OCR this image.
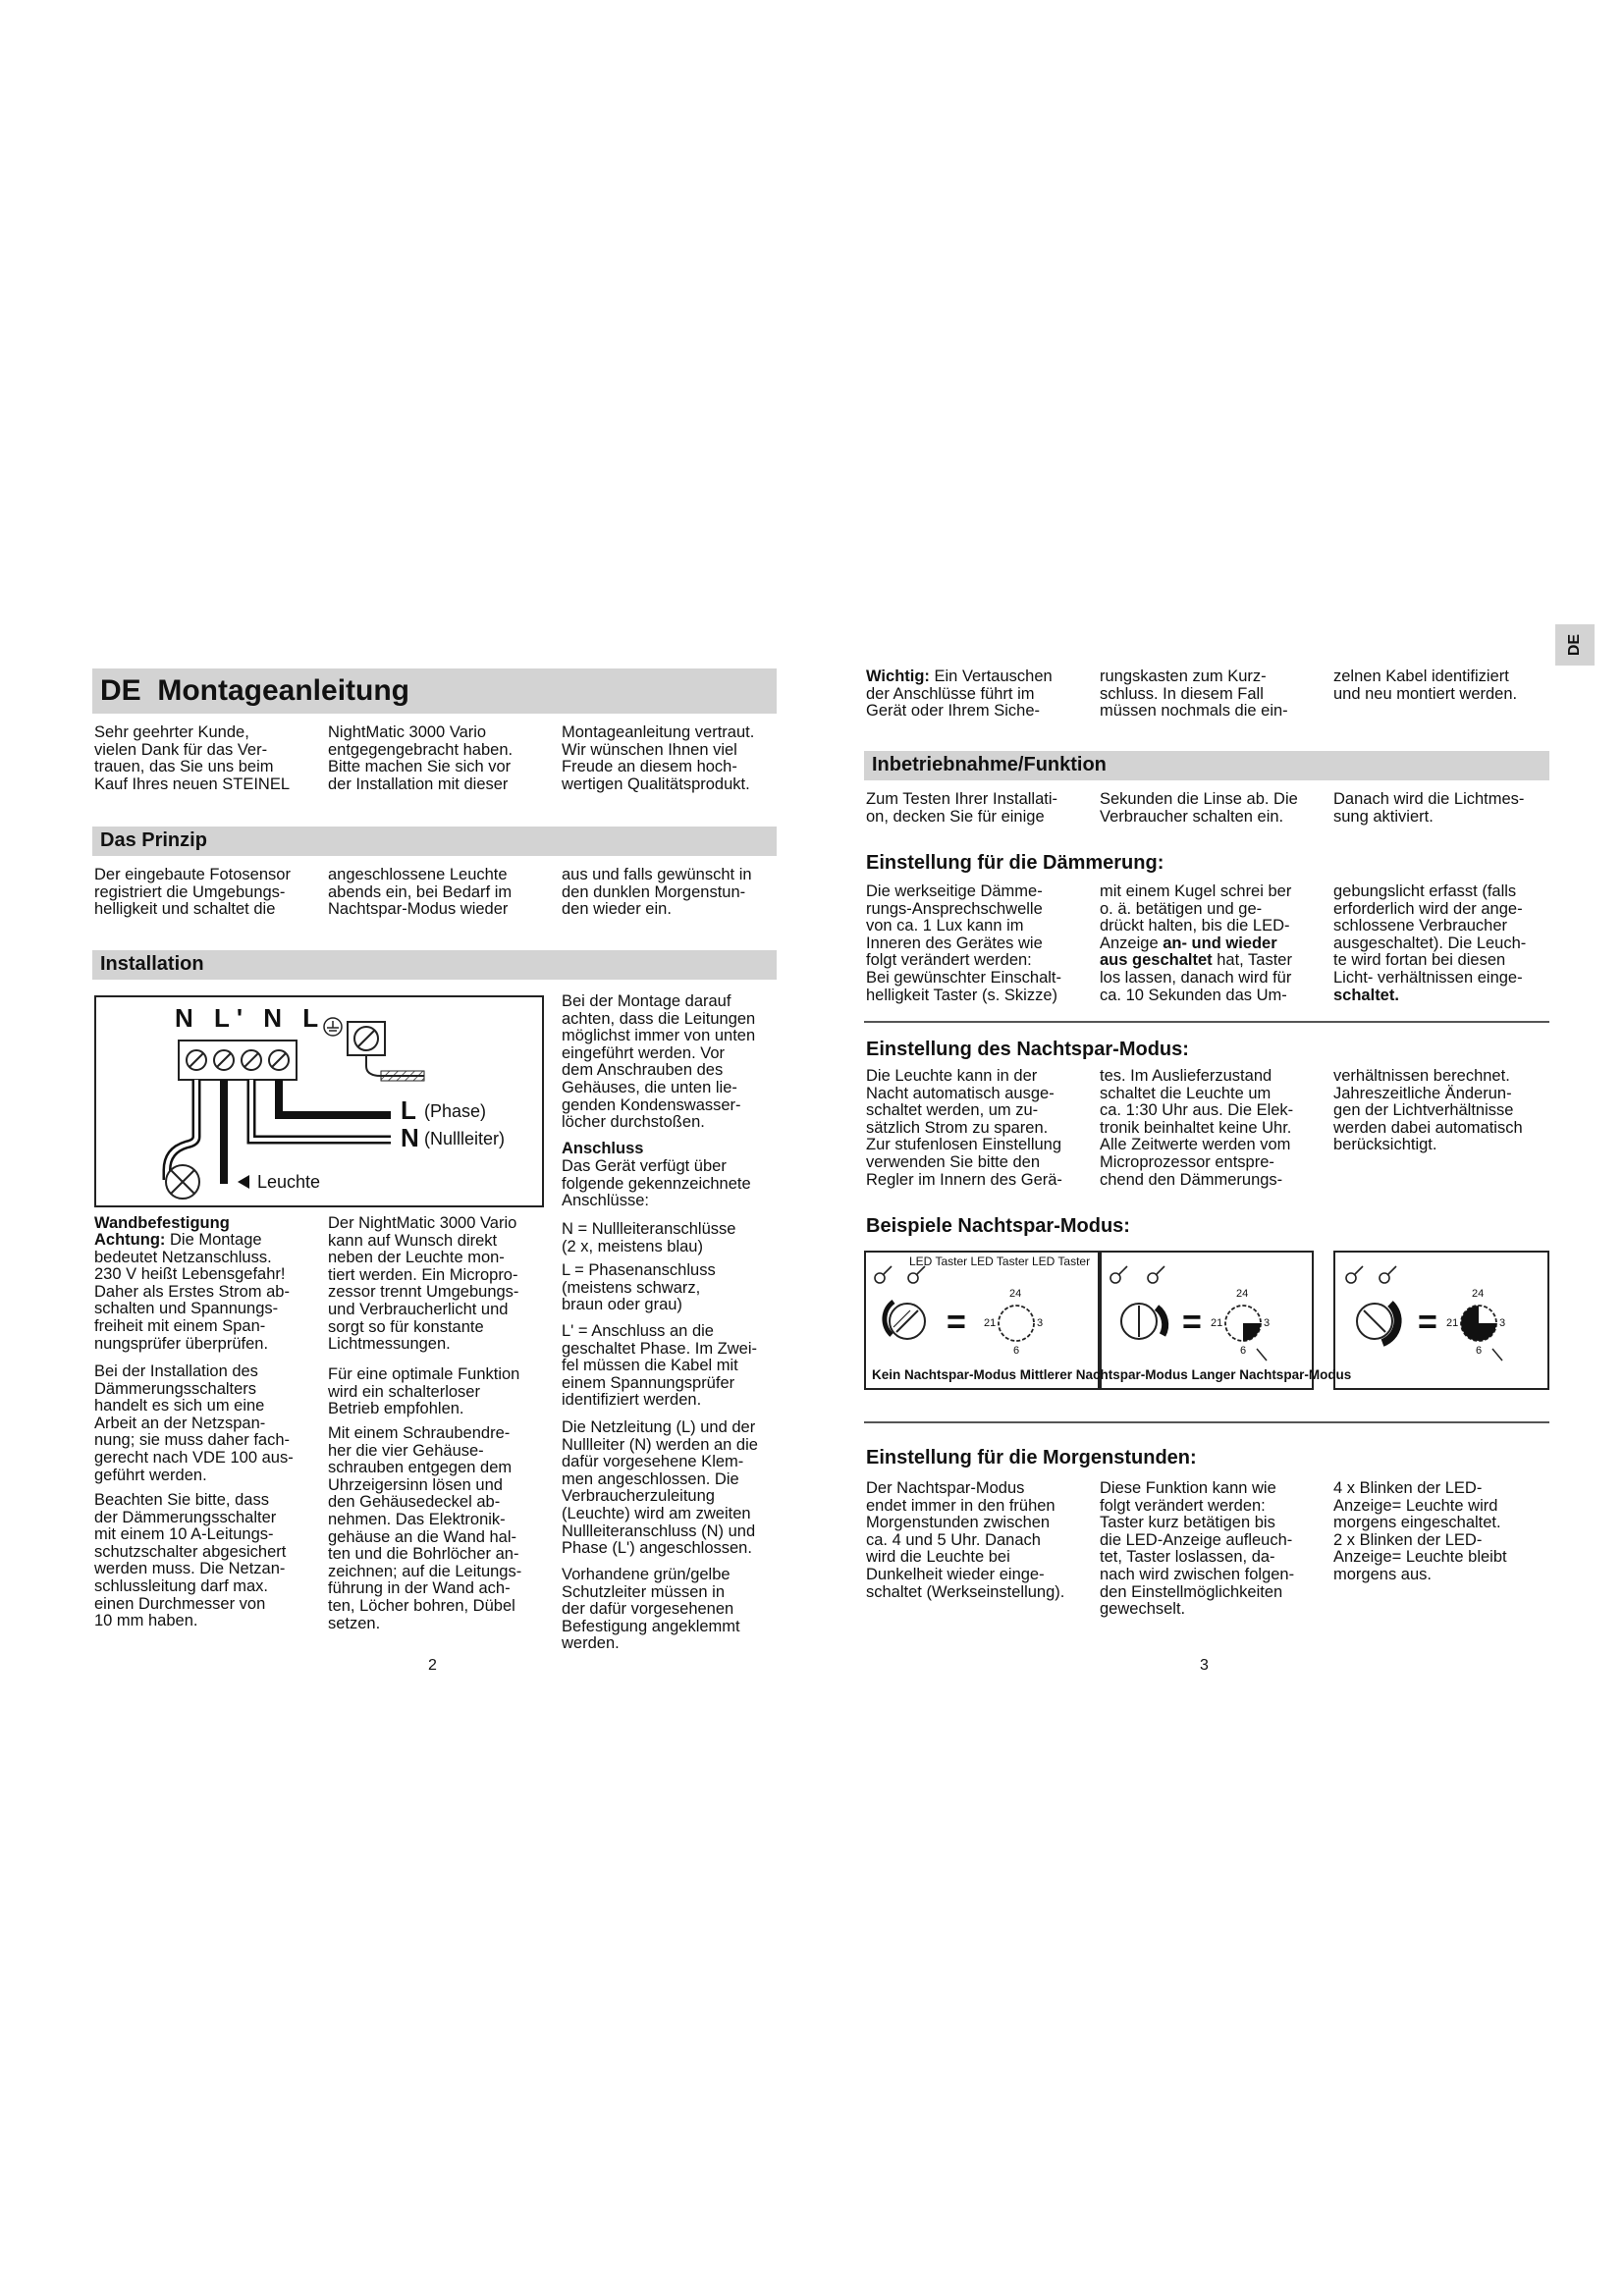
DE
DE  Montageanleitung
Sehr geehrter Kunde,
vielen Dank für das Ver-
trauen, das Sie uns beim
Kauf Ihres neuen STEINEL
NightMatic 3000 Vario
entgegengebracht haben.
Bitte machen Sie sich vor
der Installation mit dieser
Montageanleitung vertraut.
Wir wünschen Ihnen viel
Freude an diesem hoch-
wertigen Qualitätsprodukt.
Das Prinzip
Der eingebaute Fotosensor
registriert die Umgebungs-
helligkeit und schaltet die
angeschlossene Leuchte
abends ein, bei Bedarf im
Nachtspar-Modus wieder
aus und falls gewünscht in
den dunklen Morgenstun-
den wieder ein.
Installation
N L' N L
L (Phase)
N (Nullleiter)
Leuchte
Bei der Montage darauf
achten, dass die Leitungen
möglichst immer von unten
eingeführt werden. Vor
dem Anschrauben des
Gehäuses, die unten lie-
genden Kondenswasser-
löcher durchstoßen.
Anschluss
Das Gerät verfügt über
folgende gekennzeichnete
Anschlüsse:
N = Nullleiteranschlüsse
(2 x, meistens blau)
L = Phasenanschluss
(meistens schwarz,
braun oder grau)
L' = Anschluss an die
geschaltet Phase. Im Zwei-
fel müssen die Kabel mit
einem Spannungsprüfer
identifiziert werden.
Die Netzleitung (L) und der
Nullleiter (N) werden an die
dafür vorgesehene Klem-
men angeschlossen. Die
Verbraucherzuleitung
(Leuchte) wird am zweiten
Nullleiteranschluss (N) und
Phase (L') angeschlossen.
Vorhandene grün/gelbe
Schutzleiter müssen in
der dafür vorgesehenen
Befestigung angeklemmt
werden.
Wandbefestigung
Achtung: Die Montage
bedeutet Netzanschluss.
230 V heißt Lebensgefahr!
Daher als Erstes Strom ab-
schalten und Spannungs-
freiheit mit einem Span-
nungsprüfer überprüfen.
Bei der Installation des
Dämmerungsschalters
handelt es sich um eine
Arbeit an der Netzspan-
nung; sie muss daher fach-
gerecht nach VDE 100 aus-
geführt werden.
Beachten Sie bitte, dass
der Dämmerungsschalter
mit einem 10 A-Leitungs-
schutzschalter abgesichert
werden muss. Die Netzan-
schlussleitung darf max.
einen Durchmesser von
10 mm haben.
Der NightMatic 3000 Vario
kann auf Wunsch direkt
neben der Leuchte mon-
tiert werden. Ein Micropro-
zessor trennt Umgebungs-
und Verbraucherlicht und
sorgt so für konstante
Lichtmessungen.
Für eine optimale Funktion
wird ein schalterloser
Betrieb empfohlen.
Mit einem Schraubendre-
her die vier Gehäuse-
schrauben entgegen dem
Uhrzeigersinn lösen und
den Gehäusedeckel ab-
nehmen. Das Elektronik-
gehäuse an die Wand hal-
ten und die Bohrlöcher an-
zeichnen; auf die Leitungs-
führung in der Wand ach-
ten, Löcher bohren, Dübel
setzen.
2
Wichtig: Ein Vertauschen
der Anschlüsse führt im
Gerät oder Ihrem Siche-
rungskasten zum Kurz-
schluss. In diesem Fall
müssen nochmals die ein-
zelnen Kabel identifiziert
und neu montiert werden.
Inbetriebnahme/Funktion
Zum Testen Ihrer Installati-
on, decken Sie für einige
Sekunden die Linse ab. Die
Verbraucher schalten ein.
Danach wird die Lichtmes-
sung aktiviert.
Einstellung für die Dämmerung:
Die werkseitige Dämme-
rungs-Ansprechschwelle
von ca. 1 Lux kann im
Inneren des Gerätes wie
folgt verändert werden:
Bei gewünschter Einschalt-
helligkeit Taster (s. Skizze)
mit einem Kugel schrei ber
o. ä. betätigen und ge-
drückt halten, bis die LED-
Anzeige an- und wieder
aus geschaltet hat, Taster
los lassen, danach wird für
ca. 10 Sekunden das Um-
gebungslicht erfasst (falls
erforderlich wird der ange-
schlossene Verbraucher
ausgeschaltet). Die Leuch-
te wird fortan bei diesen
Licht- verhältnissen einge-
schaltet.
Einstellung des Nachtspar-Modus:
Die Leuchte kann in der
Nacht automatisch ausge-
schaltet werden, um zu-
sätzlich Strom zu sparen.
Zur stufenlosen Einstellung
verwenden Sie bitte den
Regler im Innern des Gerä-
tes. Im Auslieferzustand
schaltet die Leuchte um
ca. 1:30 Uhr aus. Die Elek-
tronik beinhaltet keine Uhr.
Alle Zeitwerte werden vom
Microprozessor entspre-
chend den Dämmerungs-
verhältnissen berechnet.
Jahreszeitliche Änderun-
gen der Lichtverhältnisse
werden dabei automatisch
berücksichtigt.
Beispiele Nachtspar-Modus:
=	=	=
24
21	3
6
24
21	3
6
24
21	3
6
LED Taster LED Taster LED Taster
Kein Nachtspar-Modus Mittlerer Nachtspar-Modus Langer Nachtspar-Modus
Einstellung für die Morgenstunden:
Der Nachtspar-Modus
endet immer in den frühen
Morgenstunden zwischen
ca. 4 und 5 Uhr. Danach
wird die Leuchte bei
Dunkelheit wieder einge-
schaltet (Werkseinstellung).
Diese Funktion kann wie
folgt verändert werden:
Taster kurz betätigen bis
die LED-Anzeige aufleuch-
tet, Taster loslassen, da-
nach wird zwischen folgen-
den Einstellmöglichkeiten
gewechselt.
4 x Blinken der LED-
Anzeige= Leuchte wird
morgens eingeschaltet.
2 x Blinken der LED-
Anzeige= Leuchte bleibt
morgens aus.
3
